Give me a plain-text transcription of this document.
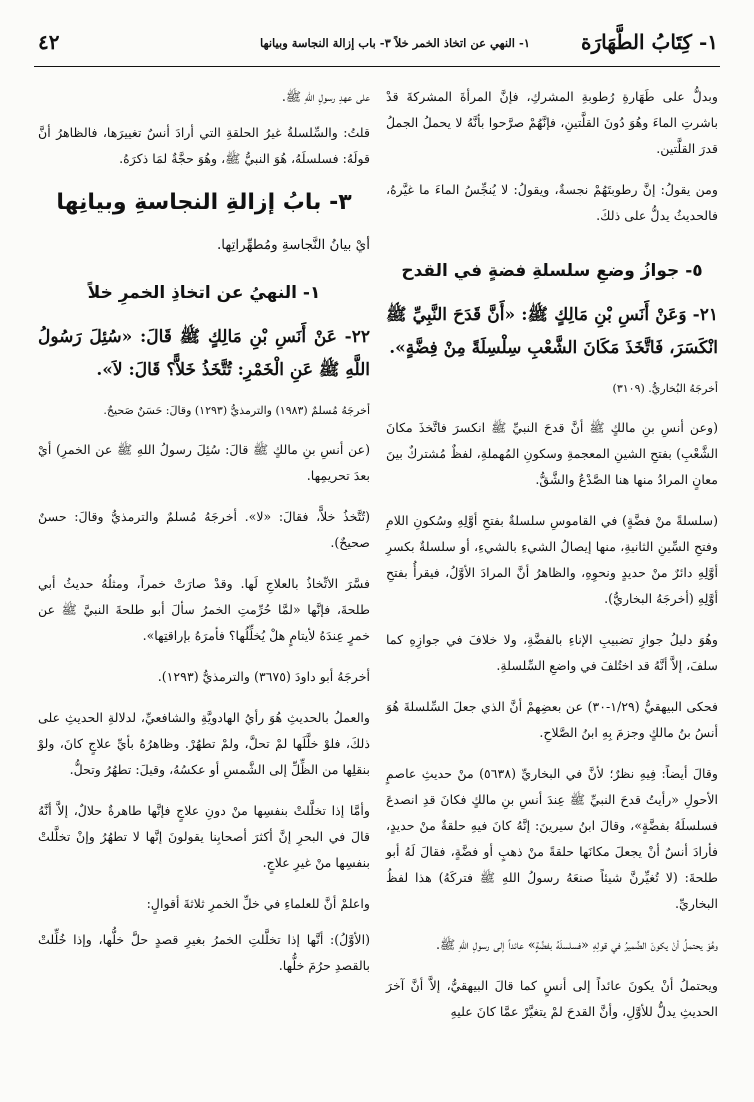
٤٢	١- النهي عن اتخاذ الخمر خلاً ٣- باب إزالة النجاسة وبيانها	١- كِتَابُ الطَّهَارَة

وبدلُّ على طَهَارةِ رُطوبةِ المشركِ، فإنَّ المرأةَ المشركةَ قدْ باشرتِ الماءَ وهُوَ دُونَ القلَّتينِ، فإنَّهُمْ صرَّحوا بأنَّهُ لا يحملُ الجملُ قدرَ القلَّتين.

ومن يقولُ: إنَّ رطوبتَهُمْ نجسةٌ، ويقولُ: لا يُنجِّسُ الماءَ ما غيَّرهُ، فالحديثُ يدلُّ على ذلكَ.

٥- جوازُ وضعِ سلسلةِ فضةٍ في القدح

٢١- وَعَنْ أَنَسِ بْنِ مَالِكٍ ﷺ: «أَنَّ قَدَحَ النَّبِيِّ ﷺ انْكَسَرَ، فَاتَّخَذَ مَكَانَ الشَّعْبِ سِلْسِلَةً مِنْ فِضَّةٍ».

أخرجَهُ البُخاريُّ. (٣١٠٩)

(وعن أنسِ بنِ مالكٍ ﷺ أنَّ قدحَ النبيِّ ﷺ انكسرَ فاتَّخذَ مكانَ الشَّعْبِ) بفتحِ الشينِ المعجمةِ وسكونِ المُهملةِ، لفظٌ مُشتركٌ بينَ معانٍ المرادُ منها هنا الصَّدْعُ والشَّقُّ.

(سلسلةً منْ فضَّةٍ) في القاموسِ سلسلةٌ بفتحِ أوَّلِهِ وسُكونِ اللامِ وفتحِ السِّينِ الثانيةِ، منها إيصالُ الشيءِ بالشيءِ، أو سلسلةٌ بكسرِ أوَّلِهِ دائرٌ منْ حديدٍ ونحوِهِ، والظاهرُ أنَّ المرادَ الأوَّلُ، فيقرأُ بفتحِ أوَّلِهِ (أخرجَهُ البخاريُّ).

وهُوَ دليلُ جوازِ تضبيبِ الإناءِ بالفضَّةِ، ولا خلافَ في جوازِهِ كما سلفَ، إلاَّ أنَّهُ قد اختُلفَ في واضعِ السِّلسلةِ.

فحكى البيهقيُّ (١/٢٩-٣٠) عن بعضِهمْ أنَّ الذي جعلَ السِّلسلةَ هُوَ أنسُ بنُ مالكٍ وجزمَ بِهِ ابنُ الصَّلاحِ.

وقالَ أيضاً: فِيهِ نظرٌ؛ لأنَّ في البخاريِّ (٥٦٣٨) منْ حديثِ عاصمٍ الأحولِ «رأيتُ قدحَ النبيِّ ﷺ عِندَ أنسِ بنِ مالكٍ فكانَ قدِ انصدعَ فسلسلَهُ بفضَّةٍ»، وقالَ ابنُ سيرينَ: إنَّهُ كانَ فيهِ حلقةٌ منْ حديدٍ، فأرادَ أنسٌ أنْ يجعلَ مكانَها حلقةً منْ ذهبٍ أو فضَّةٍ، فقالَ لَهُ أبو طلحةَ: (لا تُغيِّرنَّ شيئاً صنعَهُ رسولُ اللهِ ﷺ فتركَهُ) هذا لفظُ البخاريِّ.

وهُوَ يحتملُ أنْ يكونَ الضَّميرُ في قولِهِ «فسلسلَهُ بفضَّةٍ» عائداً إلى رسولِ اللهِ ﷺ.

ويحتملُ أنْ يكونَ عائداً إلى أنسٍ كما قالَ البيهقيُّ، إلاَّ أنَّ آخرَ الحديثِ يدلُّ للأوَّلِ، وأنَّ القدحَ لمْ يتغيَّرْ عمَّا كانَ عليهِ

على عهدِ رسولِ اللهِ ﷺ.

قلتُ: والسِّلسلةُ غيرُ الحلقةِ التي أرادَ أنسٌ تغييرَها، فالظاهرُ أنَّ قولَهُ: فسلسلَهُ، هُوَ النبيُّ ﷺ، وهُوَ حجَّةٌ لمَا ذكرَهُ.

٣- بابُ إزالةِ النجاسةِ وبيانِها

أيْ بيانُ النَّجاسةِ ومُطهِّراتِها.

١- النهيُ عن اتخاذِ الخمرِ خلاً

٢٢- عَنْ أَنَسِ بْنِ مَالِكٍ ﷺ قَالَ: «سُئِلَ رَسُولُ اللَّهِ ﷺ عَنِ الْخَمْرِ: تُتَّخَذُ خَلاًّ؟ قَالَ: لاَ».

أخرجَهُ مُسلمٌ (١٩٨٣) والترمذيُّ (١٢٩٣) وقالَ: حَسَنٌ صَحيحٌ.

(عن أنسِ بنِ مالكٍ ﷺ قالَ: سُئِلَ رسولُ اللهِ ﷺ عن الخمرِ) أيْ بعدَ تحريمِها.

(تُتَّخذُ خلاًّ، فقالَ: «لا». أخرجَهُ مُسلمٌ والترمذيُّ وقالَ: حسنٌ صحيحٌ).

فسَّرَ الاتِّخاذُ بالعلاجِ لَها. وقدْ صارَتْ خمراً، ومثلُهُ حديثُ أبي طلحةَ، فإنَّها «لمَّا حُرِّمتِ الخمرُ سألَ أبو طلحةَ النبيَّ ﷺ عن خمرٍ عِندَهُ لأيتامٍ هلْ يُخلِّلُها؟ فأمرَهُ بإراقتِها».

أخرجَهُ أبو داودَ (٣٦٧٥) والترمذيُّ (١٢٩٣).

والعملُ بالحديثِ هُوَ رأيُ الهادويَّةِ والشافعيِّ، لدلالةِ الحديثِ على ذلكَ، فلوْ خلَّلَها لمْ تحلَّ، ولمْ تطهُرْ. وظاهرُهُ بأيِّ علاجٍ كانَ، ولوْ بنقلِها من الظِّلِّ إلى الشَّمسِ أو عكسُهُ، وقيلَ: تطهُرُ وتحلُّ.

وأمَّا إذا تخلَّلتْ بنفسِها منْ دونِ علاجٍ فإنَّها طاهرةٌ حلالٌ، إلاَّ أنَّهُ قالَ في البحرِ إنَّ أكثرَ أصحابِنا يقولونَ إنَّها لا تطهُرُ وإنْ تخلَّلتْ بنفسِها منْ غيرِ علاجٍ.

واعلمْ أنَّ للعلماءِ في خلِّ الخمرِ ثلاثةَ أقوالٍ:

(الأوَّلُ): أنَّها إذا تخلَّلتِ الخمرُ بغيرِ قصدٍ حلَّ خلُّها، وإذا خُلِّلتْ بالقصدِ حرُمَ خلُّها.
